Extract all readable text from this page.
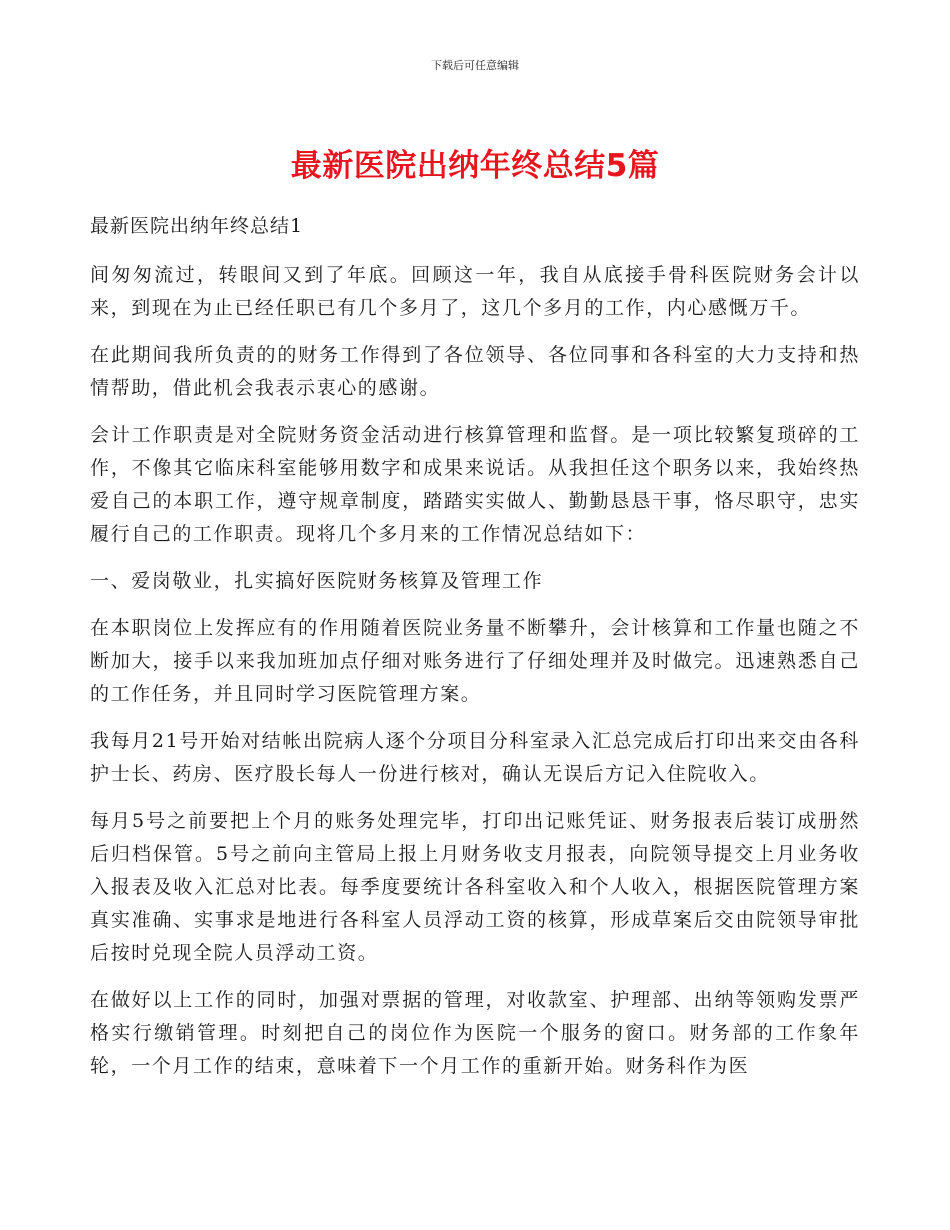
下载后可任意编辑
最新医院出纳年终总结5篇

最新医院出纳年终总结1

间匆匆流过，转眼间又到了年底。回顾这一年，我自从底接手骨科医院财务会计以来，到现在为止已经任职已有几个多月了，这几个多月的工作，内心感慨万千。

在此期间我所负责的的财务工作得到了各位领导、各位同事和各科室的大力支持和热情帮助，借此机会我表示衷心的感谢。

会计工作职责是对全院财务资金活动进行核算管理和监督。是一项比较繁复琐碎的工作，不像其它临床科室能够用数字和成果来说话。从我担任这个职务以来，我始终热爱自己的本职工作，遵守规章制度，踏踏实实做人、勤勤恳恳干事，恪尽职守，忠实履行自己的工作职责。现将几个多月来的工作情况总结如下：

一、爱岗敬业，扎实搞好医院财务核算及管理工作

在本职岗位上发挥应有的作用随着医院业务量不断攀升，会计核算和工作量也随之不断加大，接手以来我加班加点仔细对账务进行了仔细处理并及时做完。迅速熟悉自己的工作任务，并且同时学习医院管理方案。

我每月21号开始对结帐出院病人逐个分项目分科室录入汇总完成后打印出来交由各科护士长、药房、医疗股长每人一份进行核对，确认无误后方记入住院收入。

每月5号之前要把上个月的账务处理完毕，打印出记账凭证、财务报表后装订成册然后归档保管。5号之前向主管局上报上月财务收支月报表，向院领导提交上月业务收入报表及收入汇总对比表。每季度要统计各科室收入和个人收入，根据医院管理方案真实准确、实事求是地进行各科室人员浮动工资的核算，形成草案后交由院领导审批后按时兑现全院人员浮动工资。

在做好以上工作的同时，加强对票据的管理，对收款室、护理部、出纳等领购发票严格实行缴销管理。时刻把自己的岗位作为医院一个服务的窗口。财务部的工作象年轮，一个月工作的结束，意味着下一个月工作的重新开始。财务科作为医
